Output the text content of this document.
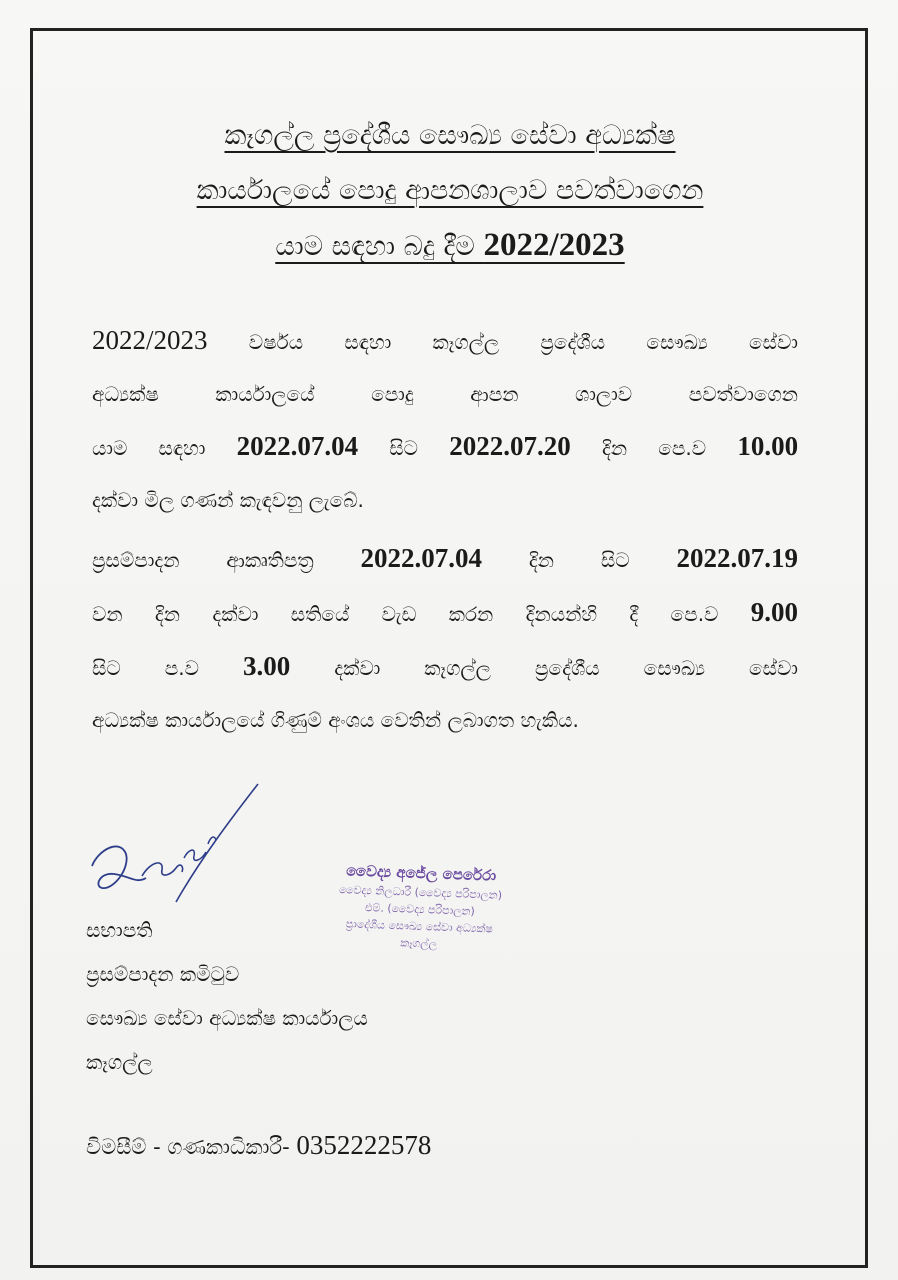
කෑගල්ල ප්‍රදේශීය සෞඛ්‍ය සේවා අධ්‍යක්ෂ
කාර්යාලයේ පොදු ආපනශාලාව පවත්වාගෙන
යාම සඳහා බදු දීම 2022/2023
2022/2023 වර්ෂය සඳහා කෑගල්ල ප්‍රදේශීය සෞඛ්‍ය සේවා
අධ්‍යක්ෂ කාර්යාලයේ පොදු ආපන ශාලාව පවත්වාගෙන
යාම සඳහා 2022.07.04 සිට 2022.07.20 දින පෙ.ව 10.00
දක්වා මිල ගණන් කැඳවනු ලැබේ.
ප්‍රසම්පාදන ආකෘතිපත්‍ර 2022.07.04 දින සිට 2022.07.19
වන දින දක්වා සතියේ වැඩ කරන දිනයන්හි දී පෙ.ව 9.00
සිට ප.ව 3.00 දක්වා කෑගල්ල ප්‍රදේශීය සෞඛ්‍ය සේවා
අධ්‍යක්ෂ කාර්යාලයේ ගිණුම් අංශය වෙතින් ලබාගත හැකිය.
වෛද්‍ය අජේල පෙරේරා
වෛද්‍ය නිලධාරී (වෛද්‍ය පරිපාලන)
එම්. (වෛද්‍ය පරිපාලන)
ප්‍රාදේශීය සෞඛ්‍ය සේවා අධ්‍යක්ෂ
කෑගල්ල
සභාපති
ප්‍රසම්පාදන කමිටුව
සෞඛ්‍ය සේවා අධ්‍යක්ෂ කාර්යාලය
කෑගල්ල
විමසීම් - ගණකාධිකාරී- 0352222578
